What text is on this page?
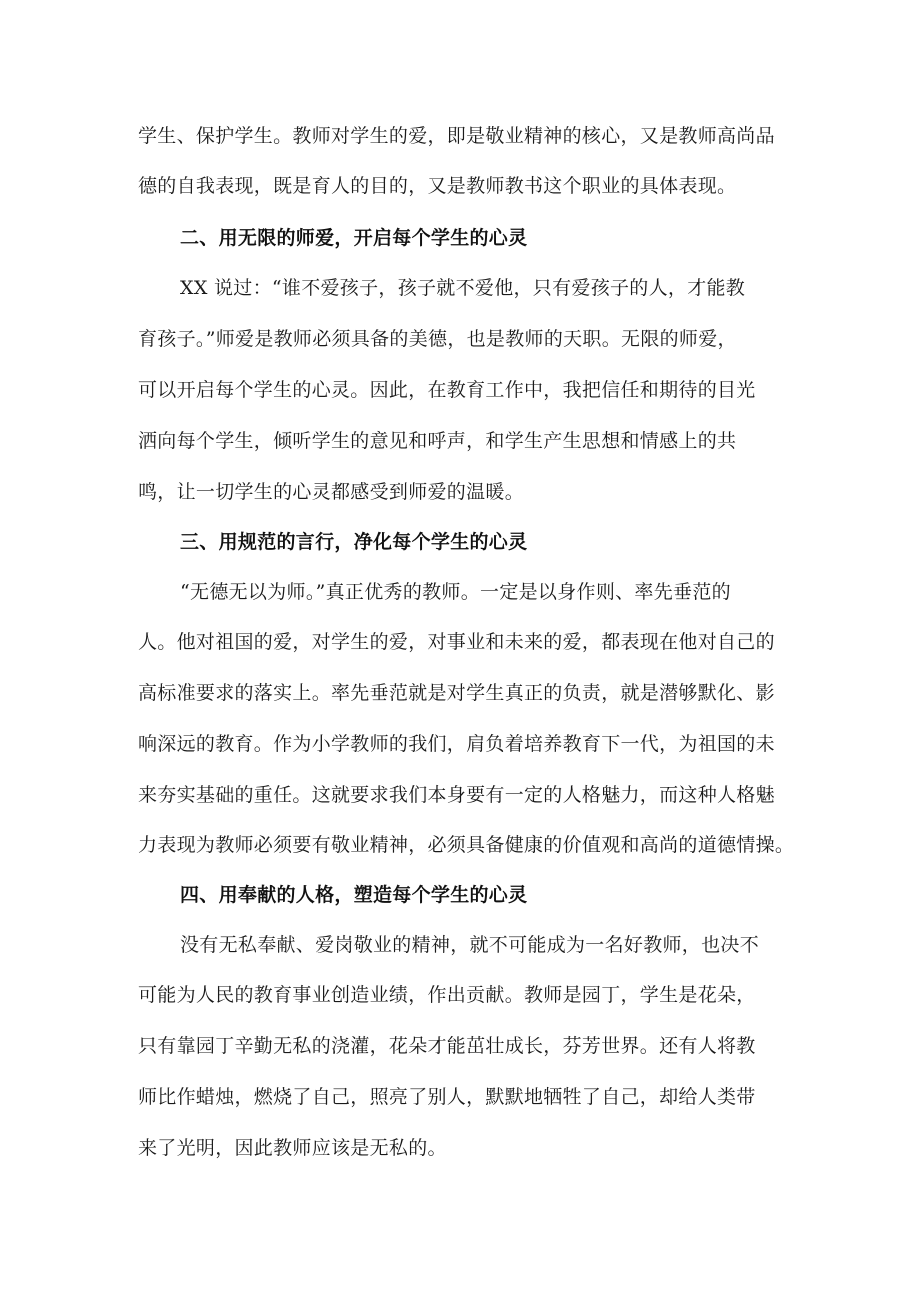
学生、保护学生。教师对学生的爱，即是敬业精神的核心，又是教师高尚品
德的自我表现，既是育人的目的，又是教师教书这个职业的具体表现。
二、用无限的师爱，开启每个学生的心灵
XX 说过：“谁不爱孩子，孩子就不爱他，只有爱孩子的人，才能教
育孩子。”师爱是教师必须具备的美德，也是教师的天职。无限的师爱，
可以开启每个学生的心灵。因此，在教育工作中，我把信任和期待的目光
洒向每个学生，倾听学生的意见和呼声，和学生产生思想和情感上的共
鸣，让一切学生的心灵都感受到师爱的温暖。
三、用规范的言行，净化每个学生的心灵
“无德无以为师。”真正优秀的教师。一定是以身作则、率先垂范的
人。他对祖国的爱，对学生的爱，对事业和未来的爱，都表现在他对自己的
高标准要求的落实上。率先垂范就是对学生真正的负责，就是潜够默化、影
响深远的教育。作为小学教师的我们，肩负着培养教育下一代，为祖国的未
来夯实基础的重任。这就要求我们本身要有一定的人格魅力，而这种人格魅
力表现为教师必须要有敬业精神，必须具备健康的价值观和高尚的道德情操。
四、用奉献的人格，塑造每个学生的心灵
没有无私奉献、爱岗敬业的精神，就不可能成为一名好教师，也决不
可能为人民的教育事业创造业绩，作出贡献。教师是园丁，学生是花朵，
只有靠园丁辛勤无私的浇灌，花朵才能茁壮成长，芬芳世界。还有人将教
师比作蜡烛，燃烧了自己，照亮了别人，默默地牺牲了自己，却给人类带
来了光明，因此教师应该是无私的。
